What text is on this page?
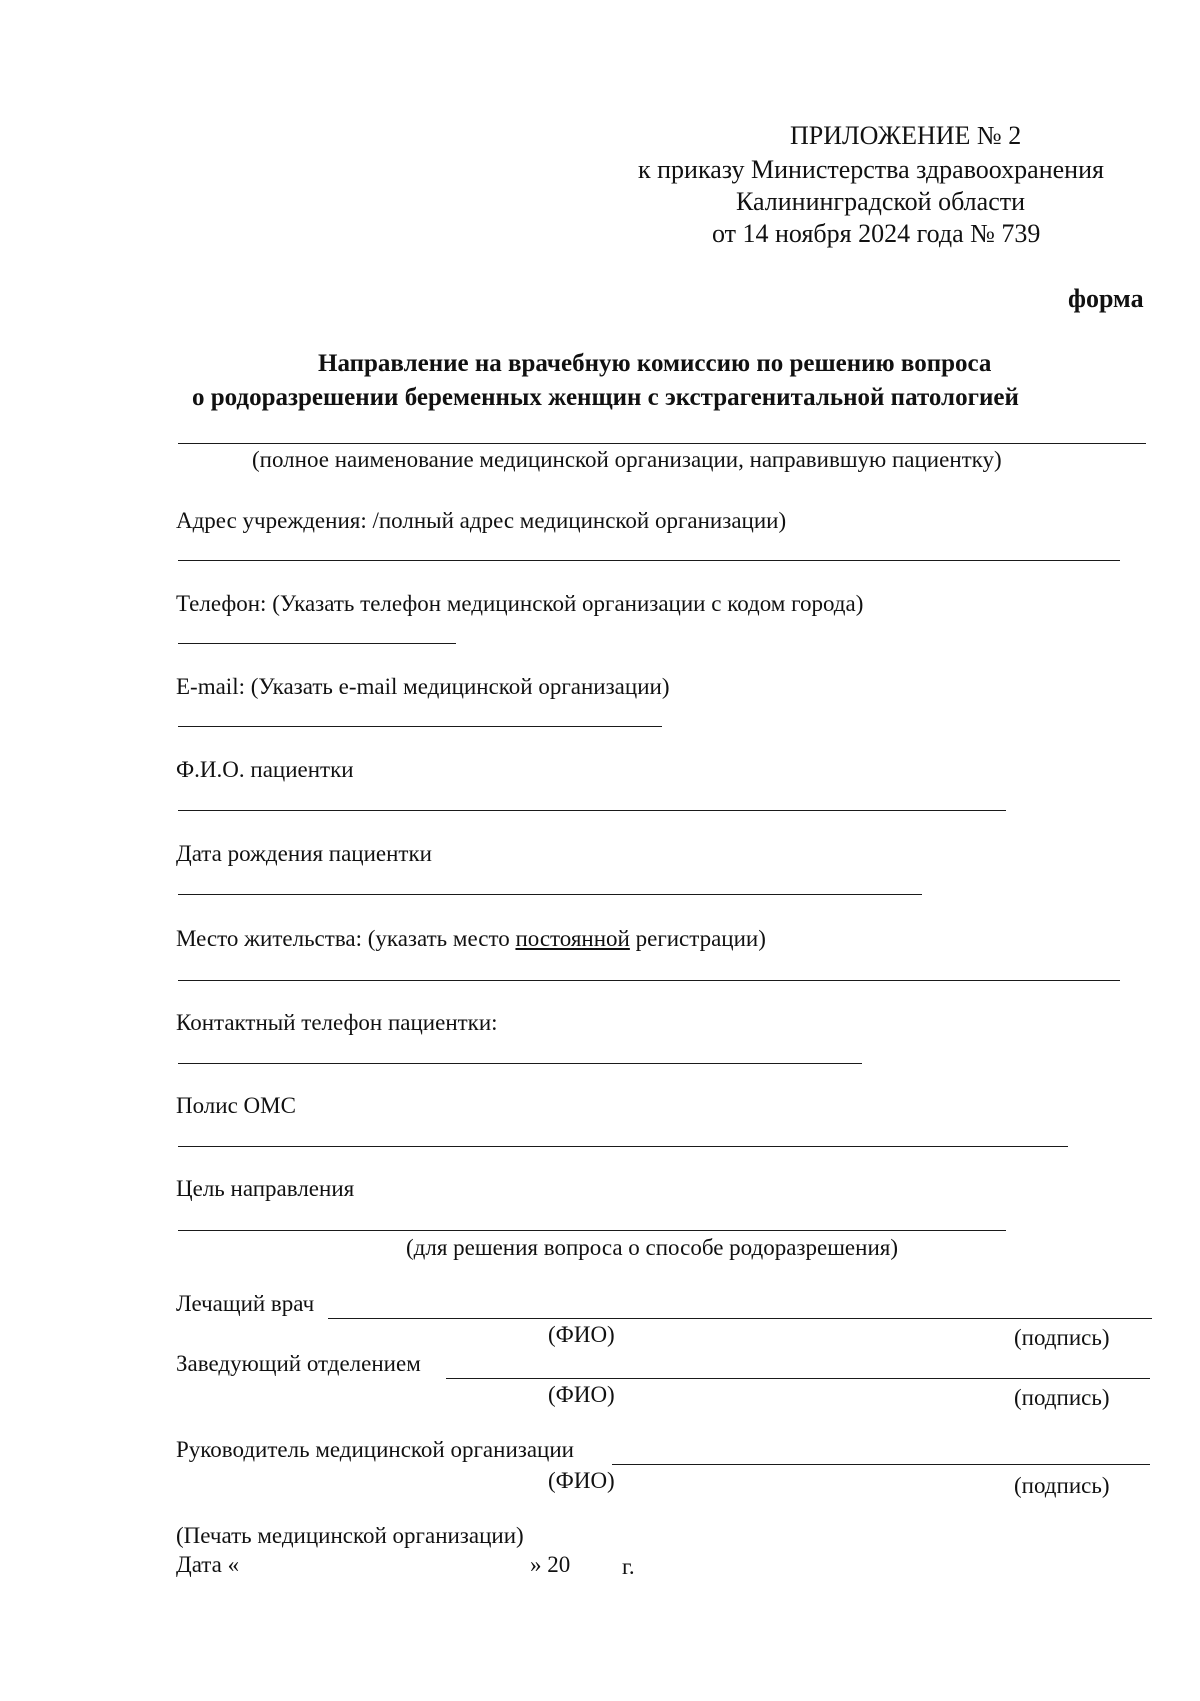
ПРИЛОЖЕНИЕ № 2
к приказу Министерства здравоохранения
Калининградской области
от 14 ноября 2024 года № 739
форма
Направление на врачебную комиссию по решению вопроса
о родоразрешении беременных женщин с экстрагенитальной патологией
(полное наименование медицинской организации, направившую пациентку)
Адрес учреждения: /полный адрес медицинской организации)
Телефон: (Указать телефон медицинской организации с кодом города)
E-mail: (Указать e-mail медицинской организации)
Ф.И.О. пациентки
Дата рождения пациентки
Место жительства: (указать место постоянной регистрации)
Контактный телефон пациентки:
Полис ОМС
Цель направления
(для решения вопроса о способе родоразрешения)
Лечащий врач
(ФИО)	(подпись)
Заведующий отделением
(ФИО)	(подпись)
Руководитель медицинской организации
(ФИО)	(подпись)
(Печать медицинской организации)
Дата «	» 20 г.
